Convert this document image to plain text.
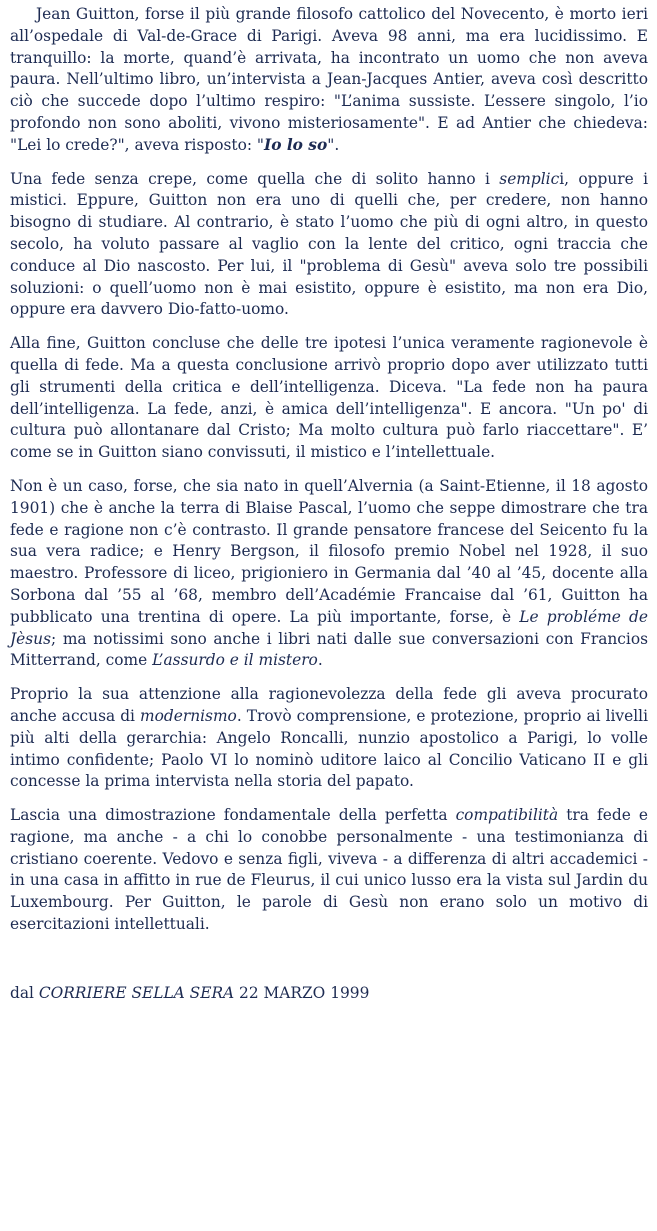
Jean Guitton, forse il più grande filosofo cattolico del Novecento, è morto ieri all’ospedale di Val-de-Grace di Parigi. Aveva 98 anni, ma era lucidissimo. E tranquillo: la morte, quand’è arrivata, ha incontrato un uomo che non aveva paura. Nell’ultimo libro, un’intervista a Jean-Jacques Antier, aveva così descritto ciò che succede dopo l’ultimo respiro: "L’anima sussiste. L’essere singolo, l’io profondo non sono aboliti, vivono misteriosamente". E ad Antier che chiedeva: "Lei lo crede?", aveva risposto: "Io lo so".

Una fede senza crepe, come quella che di solito hanno i semplici, oppure i mistici. Eppure, Guitton non era uno di quelli che, per credere, non hanno bisogno di studiare. Al contrario, è stato l’uomo che più di ogni altro, in questo secolo, ha voluto passare al vaglio con la lente del critico, ogni traccia che conduce al Dio nascosto. Per lui, il "problema di Gesù" aveva solo tre possibili soluzioni: o quell’uomo non è mai esistito, oppure è esistito, ma non era Dio, oppure era davvero Dio-fatto-uomo.

Alla fine, Guitton concluse che delle tre ipotesi l’unica veramente ragionevole è quella di fede. Ma a questa conclusione arrivò proprio dopo aver utilizzato tutti gli strumenti della critica e dell’intelligenza. Diceva. "La fede non ha paura dell’intelligenza. La fede, anzi, è amica dell’intelligenza". E ancora. "Un po' di cultura può allontanare dal Cristo; Ma molto cultura può farlo riaccettare". E’ come se in Guitton siano convissuti, il mistico e l’intellettuale.

Non è un caso, forse, che sia nato in quell’Alvernia (a Saint-Etienne, il 18 agosto 1901) che è anche la terra di Blaise Pascal, l’uomo che seppe dimostrare che tra fede e ragione non c’è contrasto. Il grande pensatore francese del Seicento fu la sua vera radice; e Henry Bergson, il filosofo premio Nobel nel 1928, il suo maestro. Professore di liceo, prigioniero in Germania dal ’40 al ’45, docente alla Sorbona dal ’55 al ’68, membro dell’Académie Francaise dal ’61, Guitton ha pubblicato una trentina di opere. La più importante, forse, è Le probléme de Jèsus; ma notissimi sono anche i libri nati dalle sue conversazioni con Francios Mitterrand, come L’assurdo e il mistero.

Proprio la sua attenzione alla ragionevolezza della fede gli aveva procurato anche accusa di modernismo. Trovò comprensione, e protezione, proprio ai livelli più alti della gerarchia: Angelo Roncalli, nunzio apostolico a Parigi, lo volle intimo confidente; Paolo VI lo nominò uditore laico al Concilio Vaticano II e gli concesse la prima intervista nella storia del papato.

Lascia una dimostrazione fondamentale della perfetta compatibilità tra fede e ragione, ma anche - a chi lo conobbe personalmente - una testimonianza di cristiano coerente. Vedovo e senza figli, viveva - a differenza di altri accademici - in una casa in affitto in rue de Fleurus, il cui unico lusso era la vista sul Jardin du Luxembourg. Per Guitton, le parole di Gesù non erano solo un motivo di esercitazioni intellettuali.

dal CORRIERE SELLA SERA 22 MARZO 1999
